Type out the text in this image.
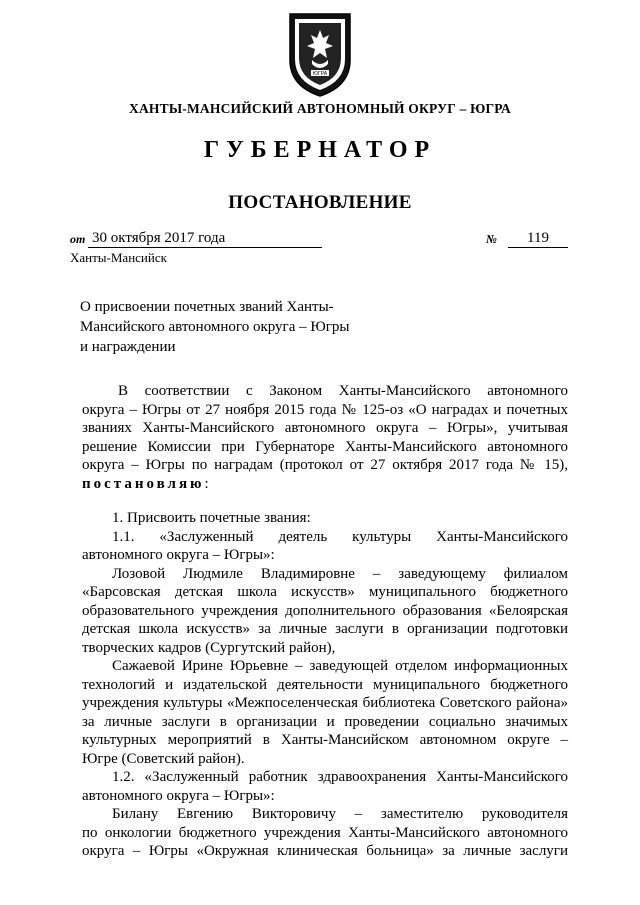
ЮГРА
ХАНТЫ-МАНСИЙСКИЙ АВТОНОМНЫЙ ОКРУГ – ЮГРА
ГУБЕРНАТОР
ПОСТАНОВЛЕНИЕ
от 30 октября 2017 года	№	119
Ханты-Мансийск
О присвоении почетных званий Ханты-
Мансийского автономного округа – Югры
и награждении
В соответствии с Законом Ханты-Мансийского автономного
округа – Югры от 27 ноября 2015 года № 125-оз «О наградах и почетных
званиях Ханты-Мансийского автономного округа – Югры», учитывая
решение Комиссии при Губернаторе Ханты-Мансийского автономного
округа – Югры по наградам (протокол от 27 октября 2017 года № 15),
постановляю:
1. Присвоить почетные звания:
1.1. «Заслуженный деятель культуры Ханты-Мансийского
автономного округа – Югры»:
Лозовой Людмиле Владимировне – заведующему филиалом
«Барсовская детская школа искусств» муниципального бюджетного
образовательного учреждения дополнительного образования «Белоярская
детская школа искусств» за личные заслуги в организации подготовки
творческих кадров (Сургутский район),
Сажаевой Ирине Юрьевне – заведующей отделом информационных
технологий и издательской деятельности муниципального бюджетного
учреждения культуры «Межпоселенческая библиотека Советского района»
за личные заслуги в организации и проведении социально значимых
культурных мероприятий в Ханты-Мансийском автономном округе –
Югре (Советский район).
1.2. «Заслуженный работник здравоохранения Ханты-Мансийского
автономного округа – Югры»:
Билану Евгению Викторовичу – заместителю руководителя
по онкологии бюджетного учреждения Ханты-Мансийского автономного
округа – Югры «Окружная клиническая больница» за личные заслуги
